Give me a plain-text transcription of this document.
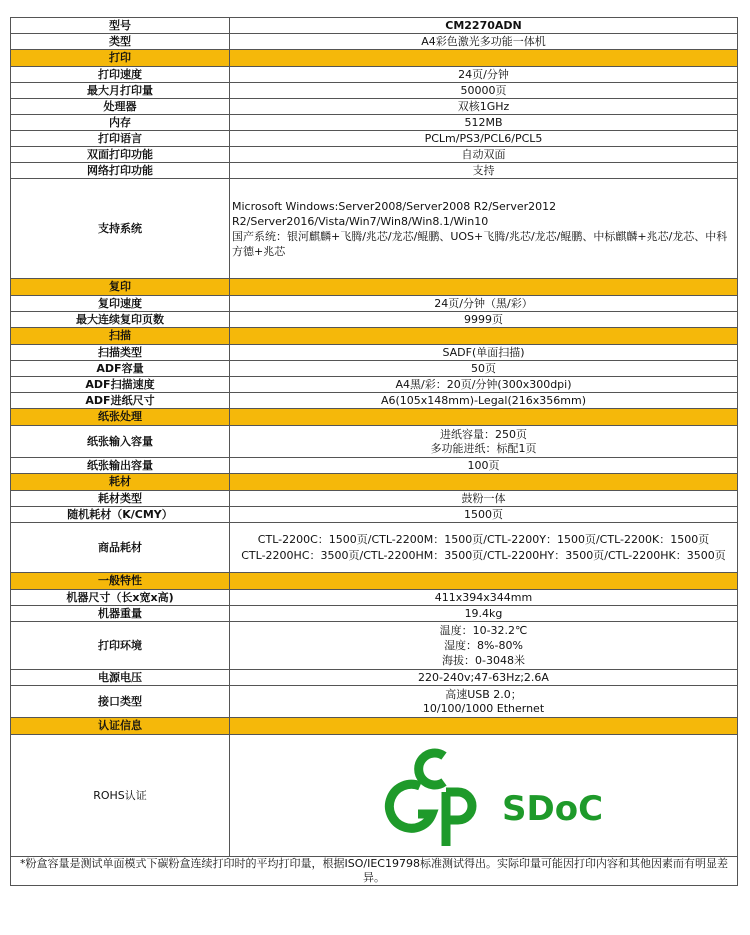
型号	CM2270ADN
类型	A4彩色激光多功能一体机
打印	
打印速度	24页/分钟
最大月打印量	50000页
处理器	双核1GHz
内存	512MB
打印语言	PCLm/PS3/PCL6/PCL5
双面打印功能	自动双面
网络打印功能	支持
支持系统	Microsoft Windows:Server2008/Server2008 R2/Server2012 R2/Server2016/Vista/Win7/Win8/Win8.1/Win10
国产系统：银河麒麟+飞腾/兆芯/龙芯/鲲鹏、UOS+飞腾/兆芯/龙芯/鲲鹏、中标麒麟+兆芯/龙芯、中科方德+兆芯

复印	
复印速度	24页/分钟（黑/彩）
最大连续复印页数	9999页
扫描	
扫描类型	SADF(单面扫描)
ADF容量	50页
ADF扫描速度	A4黑/彩：20页/分钟(300x300dpi)
ADF进纸尺寸	A6(105x148mm)-Legal(216x356mm)
纸张处理	
纸张输入容量	进纸容量：250页
多功能进纸：标配1页

纸张输出容量	100页
耗材	
耗材类型	鼓粉一体
随机耗材（K/CMY）	1500页
商品耗材	CTL-2200C：1500页/CTL-2200M：1500页/CTL-2200Y：1500页/CTL-2200K：1500页
CTL-2200HC：3500页/CTL-2200HM：3500页/CTL-2200HY：3500页/CTL-2200HK：3500页

一般特性	
机器尺寸（长x宽x高)	411x394x344mm
机器重量	19.4kg
打印环境	温度：10-32.2℃
湿度：8%-80%
海拔：0-3048米

电源电压	220-240v;47-63Hz;2.6A
接口类型	高速USB 2.0；
10/100/1000 Ethernet

认证信息	
ROHS认证	SDoC

*粉盒容量是测试单面模式下碳粉盒连续打印时的平均打印量，根据ISO/IEC19798标准测试得出。实际印量可能因打印内容和其他因素而有明显差异。	
